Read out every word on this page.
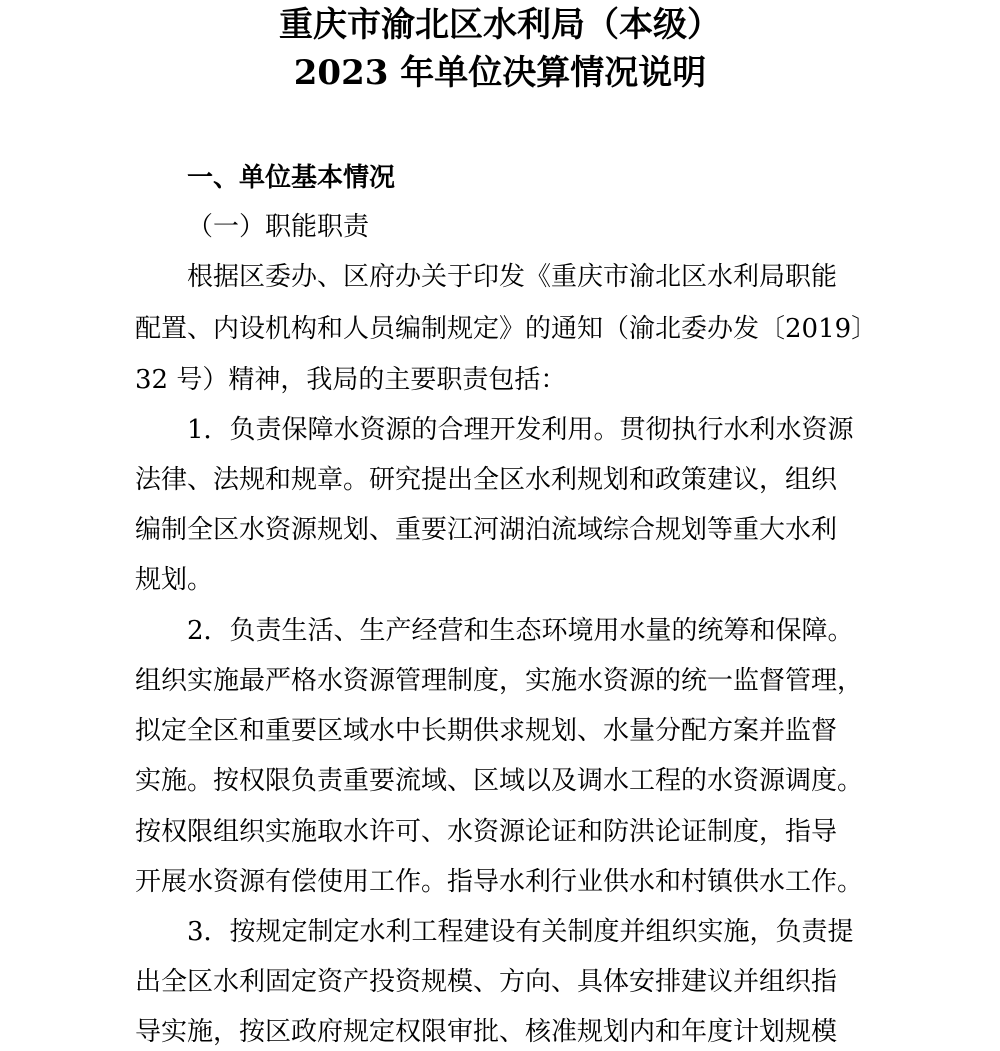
重庆市渝北区水利局（本级）
2023 年单位决算情况说明
一、单位基本情况
（一）职能职责
根据区委办、区府办关于印发《重庆市渝北区水利局职能
配置、内设机构和人员编制规定》的通知（渝北委办发〔2019〕
32 号）精神，我局的主要职责包括：
1．负责保障水资源的合理开发利用。贯彻执行水利水资源
法律、法规和规章。研究提出全区水利规划和政策建议，组织
编制全区水资源规划、重要江河湖泊流域综合规划等重大水利
规划。
2．负责生活、生产经营和生态环境用水量的统筹和保障。
组织实施最严格水资源管理制度，实施水资源的统一监督管理，
拟定全区和重要区域水中长期供求规划、水量分配方案并监督
实施。按权限负责重要流域、区域以及调水工程的水资源调度。
按权限组织实施取水许可、水资源论证和防洪论证制度，指导
开展水资源有偿使用工作。指导水利行业供水和村镇供水工作。
3．按规定制定水利工程建设有关制度并组织实施，负责提
出全区水利固定资产投资规模、方向、具体安排建议并组织指
导实施，按区政府规定权限审批、核准规划内和年度计划规模
